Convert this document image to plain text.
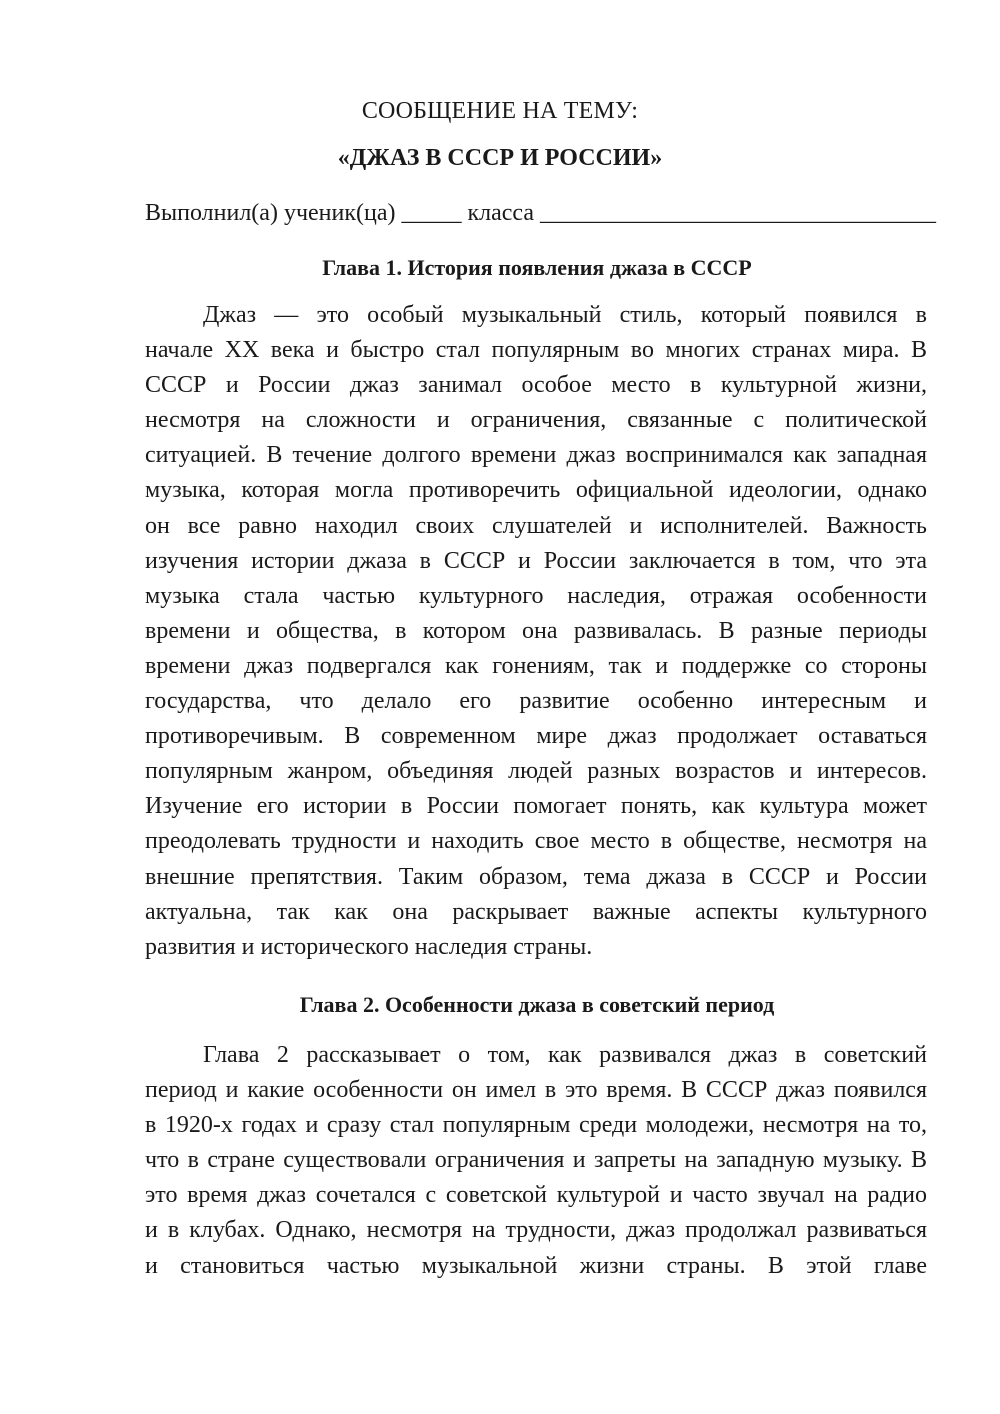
СООБЩЕНИЕ НА ТЕМУ:
«ДЖАЗ В СССР И РОССИИ»
Выполнил(а) ученик(ца) _____ класса _________________________________
Глава 1. История появления джаза в СССР
Джаз — это особый музыкальный стиль, который появился в
начале XX века и быстро стал популярным во многих странах мира. В
СССР и России джаз занимал особое место в культурной жизни,
несмотря на сложности и ограничения, связанные с политической
ситуацией. В течение долгого времени джаз воспринимался как западная
музыка, которая могла противоречить официальной идеологии, однако
он все равно находил своих слушателей и исполнителей. Важность
изучения истории джаза в СССР и России заключается в том, что эта
музыка стала частью культурного наследия, отражая особенности
времени и общества, в котором она развивалась. В разные периоды
времени джаз подвергался как гонениям, так и поддержке со стороны
государства, что делало его развитие особенно интересным и
противоречивым. В современном мире джаз продолжает оставаться
популярным жанром, объединяя людей разных возрастов и интересов.
Изучение его истории в России помогает понять, как культура может
преодолевать трудности и находить свое место в обществе, несмотря на
внешние препятствия. Таким образом, тема джаза в СССР и России
актуальна, так как она раскрывает важные аспекты культурного
развития и исторического наследия страны.
Глава 2. Особенности джаза в советский период
Глава 2 рассказывает о том, как развивался джаз в советский
период и какие особенности он имел в это время. В СССР джаз появился
в 1920-х годах и сразу стал популярным среди молодежи, несмотря на то,
что в стране существовали ограничения и запреты на западную музыку. В
это время джаз сочетался с советской культурой и часто звучал на радио
и в клубах. Однако, несмотря на трудности, джаз продолжал развиваться
и становиться частью музыкальной жизни страны. В этой главе
